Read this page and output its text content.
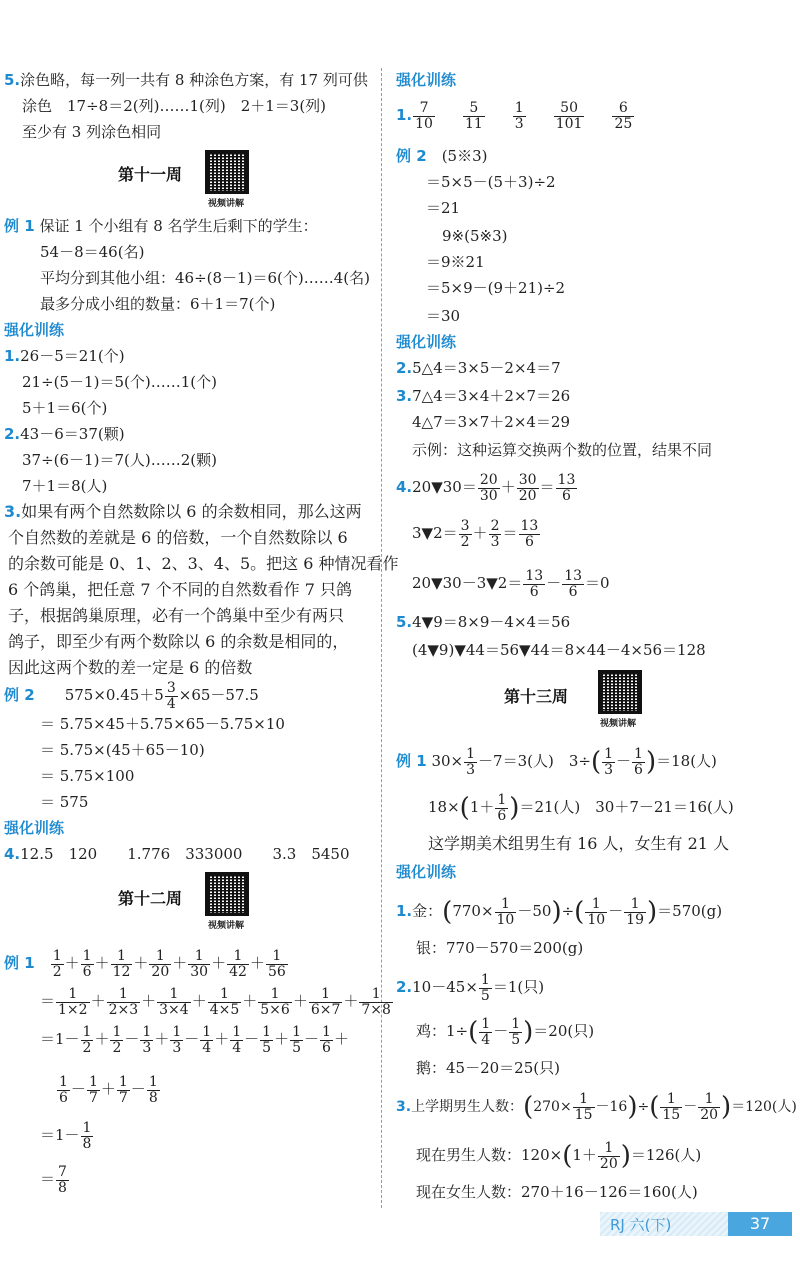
5.涂色略，每一列一共有 8 种涂色方案，有 17 列可供
涂色　17÷8＝2(列)……1(列)　2＋1＝3(列)
至少有 3 列涂色相同
第十一周
视频讲解
例 1 保证 1 个小组有 8 名学生后剩下的学生：
54－8＝46(名)
平均分到其他小组：46÷(8－1)＝6(个)……4(名)
最多分成小组的数量：6＋1＝7(个)
强化训练
1.26－5＝21(个)
21÷(5－1)＝5(个)……1(个)
5＋1＝6(个)
2.43－6＝37(颗)
37÷(6－1)＝7(人)……2(颗)
7＋1＝8(人)
3.如果有两个自然数除以 6 的余数相同，那么这两
个自然数的差就是 6 的倍数，一个自然数除以 6
的余数可能是 0、1、2、3、4、5。把这 6 种情况看作
6 个鸽巢，把任意 7 个不同的自然数看作 7 只鸽
子，根据鸽巢原理，必有一个鸽巢中至少有两只
鸽子，即至少有两个数除以 6 的余数是相同的，
因此这两个数的差一定是 6 的倍数
例 2　　 $575\times 0.45+5 \frac{3}{4} \times 65-57.5$
＝ 5.75×45＋5.75×65－5.75×10
＝ 5.75×(45＋65－10)
＝ 5.75×100
＝ 575
强化训练
4.12.5　 120　　 1.776　 333000　　 3.3　 5450
第十二周
视频讲解
例 1　 $\frac{1}{2} + \frac{1}{6} + \frac{1}{12} + \frac{1}{20} + \frac{1}{30} + \frac{1}{42} + \frac{1}{56}$
＝ $\frac{1}{1\times 2} + \frac{1}{2\times 3} + \frac{1}{3\times 4} + \frac{1}{4\times 5} + \frac{1}{5\times 6} + \frac{1}{6\times 7} + \frac{1}{7\times 8}$
$=1- \frac{1}{2} + \frac{1}{2} - \frac{1}{3} + \frac{1}{3} - \frac{1}{4} + \frac{1}{4} - \frac{1}{5} + \frac{1}{5} - \frac{1}{6}$ ＋
$\frac{1}{6} - \frac{1}{7} + \frac{1}{7} - \frac{1}{8}$
$=1- \frac{1}{8}$
＝ $\frac{7}{8}$
强化训练
1. $\frac{7}{10} \frac{5}{11} \frac{1}{3} \frac{50}{101} \frac{6}{25}$
例 2　 (5※3)
＝5×5－(5＋3)÷2
＝21
9※(5※3)
＝9※21
＝5×9－(9＋21)÷2
＝30
强化训练
2.5△4＝3×5－2×4＝7
3.7△4＝3×4＋2×7＝26
4△7＝3×7＋2×4＝29
示例：这种运算交换两个数的位置，结果不同
4.20▼30＝ $\frac{20}{30} + \frac{30}{20} = \frac{13}{6}$
3▼2＝ $\frac{3}{2} + \frac{2}{3} = \frac{13}{6}$
20▼30－3▼2＝ $\frac{13}{6} - \frac{13}{6} =0$
5.4▼9＝8×9－4×4＝56
(4▼9)▼44＝56▼44＝8×44－4×56＝128
第十三周
视频讲解
例 1 $30\times \frac{1}{3} -7=3$(人)　$3\div( \frac{1}{3} - \frac{1}{6} )=18$(人)
$18\times(1+ \frac{1}{6} )=21$(人)　30＋7－21＝16(人)
这学期美术组男生有 16 人，女生有 21 人
强化训练
1.金：$(770\times \frac{1}{10} -50)\div( \frac{1}{10} - \frac{1}{19} )=570(g)$
银：770－570＝200(g)
$2.10-45\times \frac{1}{5} =1$(只)
鸡：$1\div( \frac{1}{4} - \frac{1}{5} )=20$(只)
鹅：45－20＝25(只)
3.上学期男生人数：$(270\times \frac{1}{15} -16)\div( \frac{1}{15} - \frac{1}{20} )=120$(人)
现在男生人数：$120\times(1+ \frac{1}{20} )=126$(人)
现在女生人数：270＋16－126＝160(人)
RJ 六(下)	37
